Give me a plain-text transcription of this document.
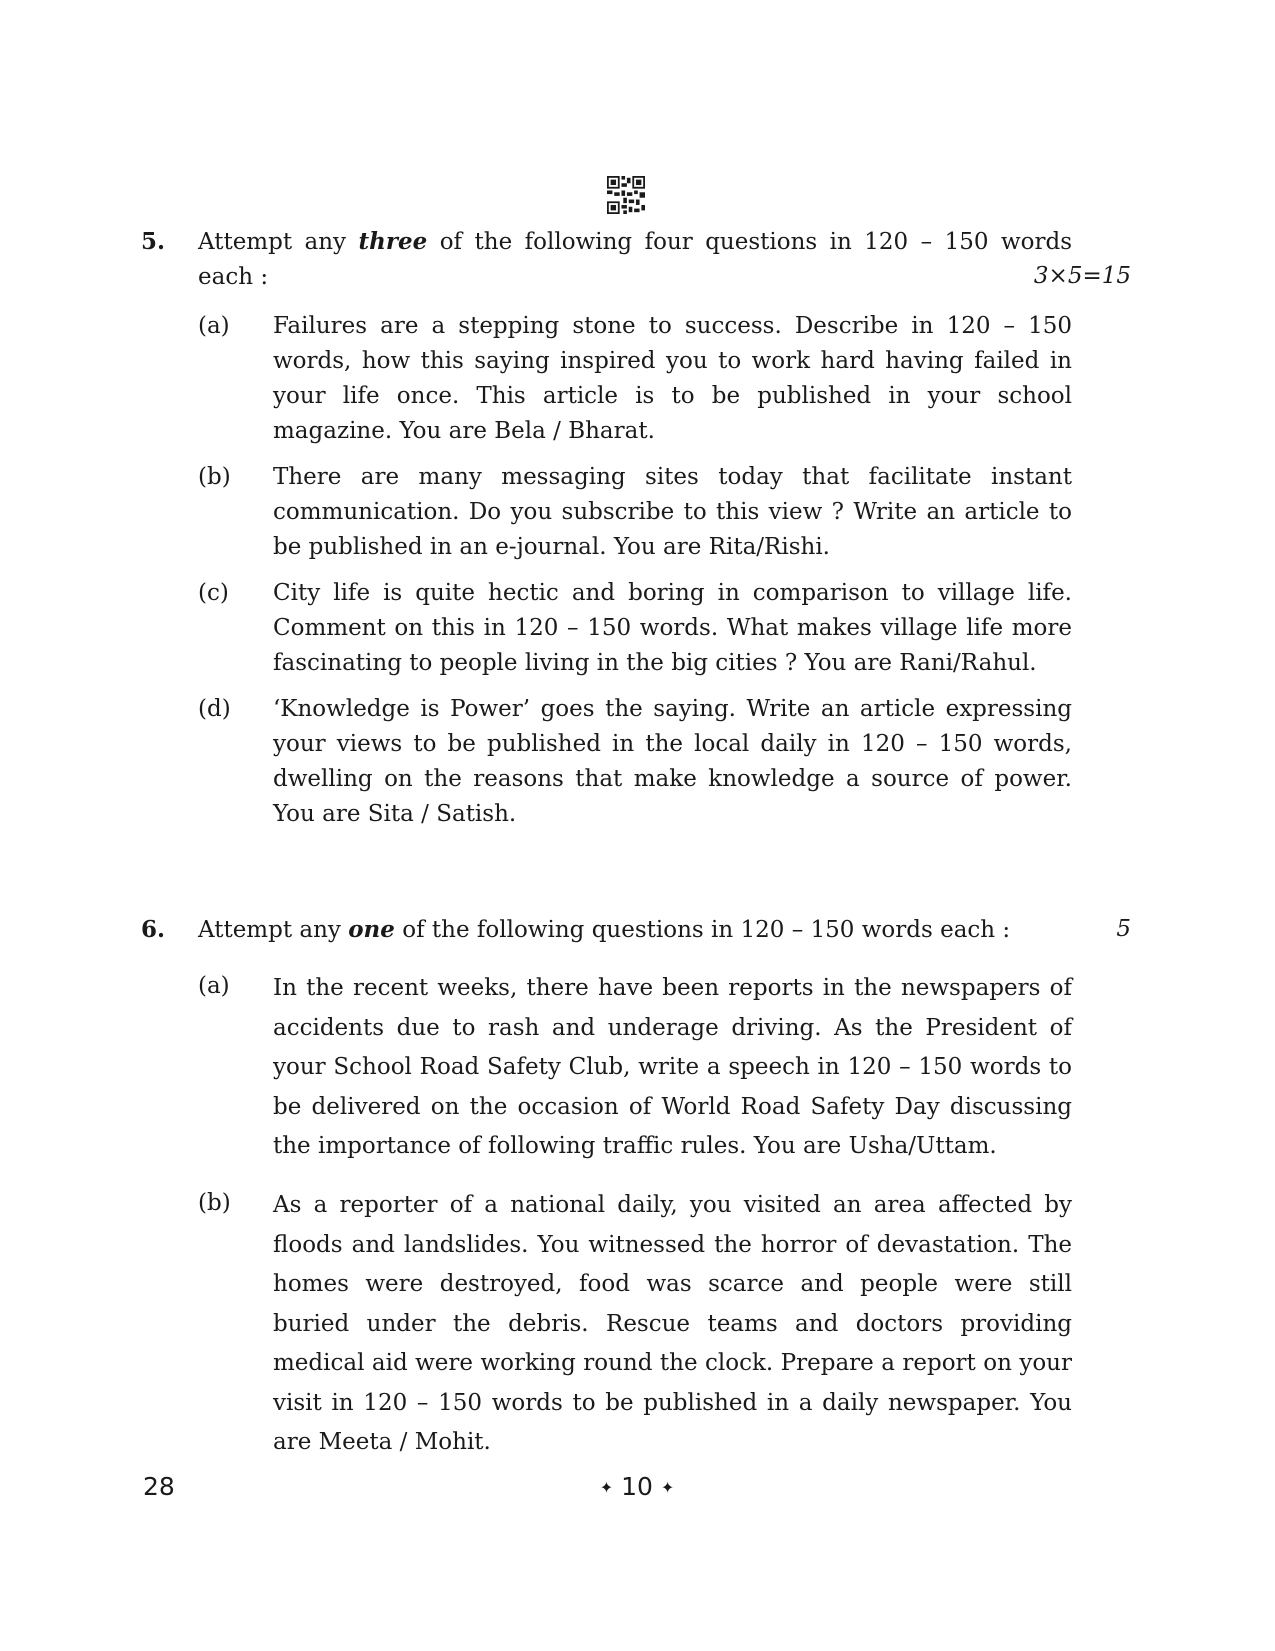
5. Attempt any three of the following four questions in 120 – 150 words each :	3×5=15
(a) Failures are a stepping stone to success. Describe in 120 – 150 words, how this saying inspired you to work hard having failed in your life once. This article is to be published in your school magazine. You are Bela / Bharat.
(b) There are many messaging sites today that facilitate instant communication. Do you subscribe to this view ? Write an article to be published in an e-journal. You are Rita/Rishi.
(c) City life is quite hectic and boring in comparison to village life. Comment on this in 120 – 150 words. What makes village life more fascinating to people living in the big cities ? You are Rani/Rahul.
(d) ‘Knowledge is Power’ goes the saying. Write an article expressing your views to be published in the local daily in 120 – 150 words, dwelling on the reasons that make knowledge a source of power. You are Sita / Satish.
6. Attempt any one of the following questions in 120 – 150 words each :	5
(a) In the recent weeks, there have been reports in the newspapers of accidents due to rash and underage driving. As the President of your School Road Safety Club, write a speech in 120 – 150 words to be delivered on the occasion of World Road Safety Day discussing the importance of following traffic rules. You are Usha/Uttam.
(b) As a reporter of a national daily, you visited an area affected by floods and landslides. You witnessed the horror of devastation. The homes were destroyed, food was scarce and people were still buried under the debris. Rescue teams and doctors providing medical aid were working round the clock. Prepare a report on your visit in 120 – 150 words to be published in a daily newspaper. You are Meeta / Mohit.
28	✦ 10 ✦
